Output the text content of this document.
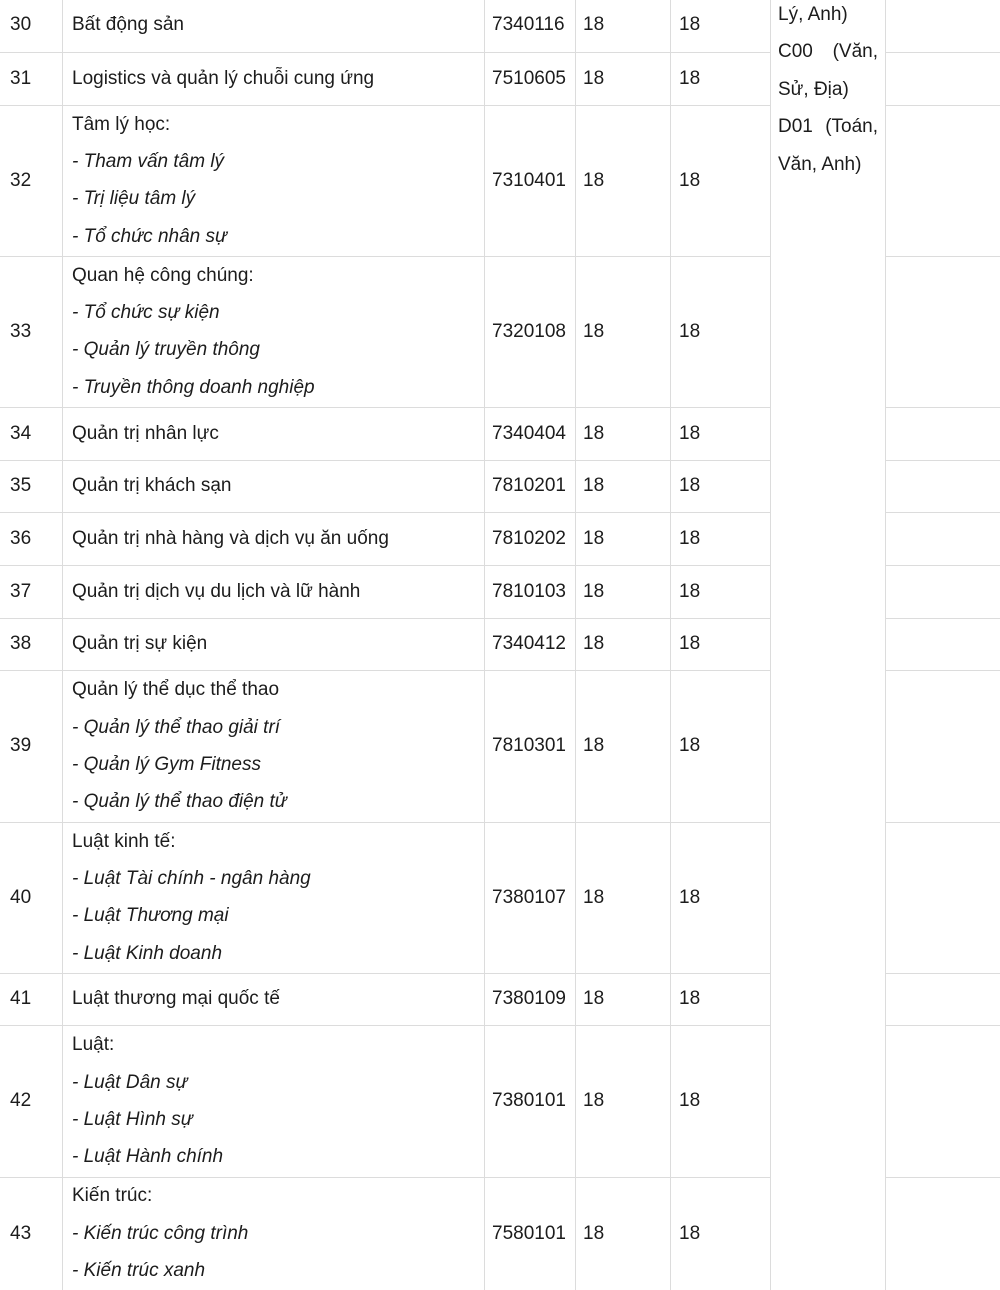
30 Bất động sản	7340116 18	18
31 Logistics và quản lý chuỗi cung ứng	7510605 18	18
32
Tâm lý học:
- Tham vấn tâm lý
- Trị liệu tâm lý
- Tổ chức nhân sự
7310401 18	18
33
Quan hệ công chúng:
- Tổ chức sự kiện
- Quản lý truyền thông
- Truyền thông doanh nghiệp
7320108 18	18
34 Quản trị nhân lực	7340404 18	18
35 Quản trị khách sạn	7810201 18	18
36 Quản trị nhà hàng và dịch vụ ăn uống	7810202 18	18
37 Quản trị dịch vụ du lịch và lữ hành	7810103 18	18
38 Quản trị sự kiện	7340412 18	18
39
Quản lý thể dục thể thao
- Quản lý thể thao giải trí
- Quản lý Gym Fitness
- Quản lý thể thao điện tử
7810301 18	18
40
Luật kinh tế:
- Luật Tài chính - ngân hàng
- Luật Thương mại
- Luật Kinh doanh
7380107 18	18
41 Luật thương mại quốc tế	7380109 18	18
42
Luật:
- Luật Dân sự
- Luật Hình sự
- Luật Hành chính
7380101 18	18
43
Kiến trúc:
- Kiến trúc công trình
- Kiến trúc xanh
7580101 18	18
Lý, Anh)
C00 (Văn,
Sử, Địa)
D01 (Toán,
Văn, Anh)
